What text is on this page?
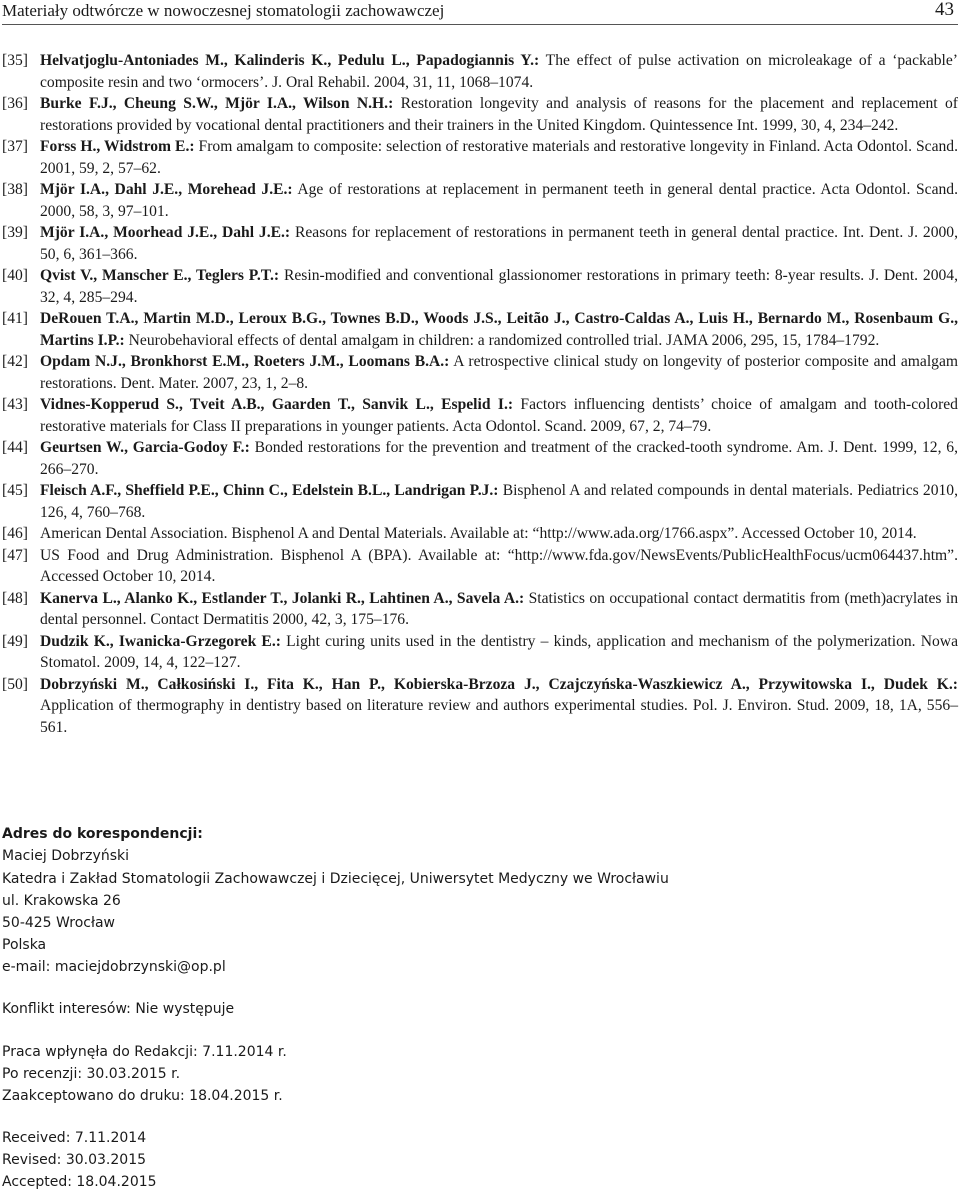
Materiały odtwórcze w nowoczesnej stomatologii zachowawczej	43
[35] Helvatjoglu-Antoniades M., Kalinderis K., Pedulu L., Papadogiannis Y.: The effect of pulse activation on microleakage of a ‘packable’ composite resin and two ‘ormocers’. J. Oral Rehabil. 2004, 31, 11, 1068–1074.
[36] Burke F.J., Cheung S.W., Mjör I.A., Wilson N.H.: Restoration longevity and analysis of reasons for the placement and replacement of restorations provided by vocational dental practitioners and their trainers in the United Kingdom. Quintessence Int. 1999, 30, 4, 234–242.
[37] Forss H., Widstrom E.: From amalgam to composite: selection of restorative materials and restorative longevity in Finland. Acta Odontol. Scand. 2001, 59, 2, 57–62.
[38] Mjör I.A., Dahl J.E., Morehead J.E.: Age of restorations at replacement in permanent teeth in general dental practice. Acta Odontol. Scand. 2000, 58, 3, 97–101.
[39] Mjör I.A., Moorhead J.E., Dahl J.E.: Reasons for replacement of restorations in permanent teeth in general dental practice. Int. Dent. J. 2000, 50, 6, 361–366.
[40] Qvist V., Manscher E., Teglers P.T.: Resin-modified and conventional glassionomer restorations in primary teeth: 8-year results. J. Dent. 2004, 32, 4, 285–294.
[41] DeRouen T.A., Martin M.D., Leroux B.G., Townes B.D., Woods J.S., Leitão J., Castro-Caldas A., Luis H., Bernardo M., Rosenbaum G., Martins I.P.: Neurobehavioral effects of dental amalgam in children: a randomized controlled trial. JAMA 2006, 295, 15, 1784–1792.
[42] Opdam N.J., Bronkhorst E.M., Roeters J.M., Loomans B.A.: A retrospective clinical study on longevity of posterior composite and amalgam restorations. Dent. Mater. 2007, 23, 1, 2–8.
[43] Vidnes-Kopperud S., Tveit A.B., Gaarden T., Sanvik L., Espelid I.: Factors influencing dentists’ choice of amalgam and tooth-colored restorative materials for Class II preparations in younger patients. Acta Odontol. Scand. 2009, 67, 2, 74–79.
[44] Geurtsen W., Garcia-Godoy F.: Bonded restorations for the prevention and treatment of the cracked-tooth syndrome. Am. J. Dent. 1999, 12, 6, 266–270.
[45] Fleisch A.F., Sheffield P.E., Chinn C., Edelstein B.L., Landrigan P.J.: Bisphenol A and related compounds in dental materials. Pediatrics 2010, 126, 4, 760–768.
[46] American Dental Association. Bisphenol A and Dental Materials. Available at: “http://www.ada.org/1766.aspx”. Accessed October 10, 2014.
[47] US Food and Drug Administration. Bisphenol A (BPA). Available at: “http://www.fda.gov/NewsEvents/PublicHealthFocus/ucm064437.htm”. Accessed October 10, 2014.
[48] Kanerva L., Alanko K., Estlander T., Jolanki R., Lahtinen A., Savela A.: Statistics on occupational contact dermatitis from (meth)acrylates in dental personnel. Contact Dermatitis 2000, 42, 3, 175–176.
[49] Dudzik K., Iwanicka-Grzegorek E.: Light curing units used in the dentistry – kinds, application and mechanism of the polymerization. Nowa Stomatol. 2009, 14, 4, 122–127.
[50] Dobrzyński M., Całkosiński I., Fita K., Han P., Kobierska-Brzoza J., Czajczyńska-Waszkiewicz A., Przywitowska I., Dudek K.: Application of thermography in dentistry based on literature review and authors experimental studies. Pol. J. Environ. Stud. 2009, 18, 1A, 556–561.
Adres do korespondencji:
Maciej Dobrzyński
Katedra i Zakład Stomatologii Zachowawczej i Dziecięcej, Uniwersytet Medyczny we Wrocławiu
ul. Krakowska 26
50-425 Wrocław
Polska
e-mail: maciejdobrzynski@op.pl
Konflikt interesów: Nie występuje
Praca wpłynęła do Redakcji: 7.11.2014 r.
Po recenzji: 30.03.2015 r.
Zaakceptowano do druku: 18.04.2015 r.
Received: 7.11.2014
Revised: 30.03.2015
Accepted: 18.04.2015
